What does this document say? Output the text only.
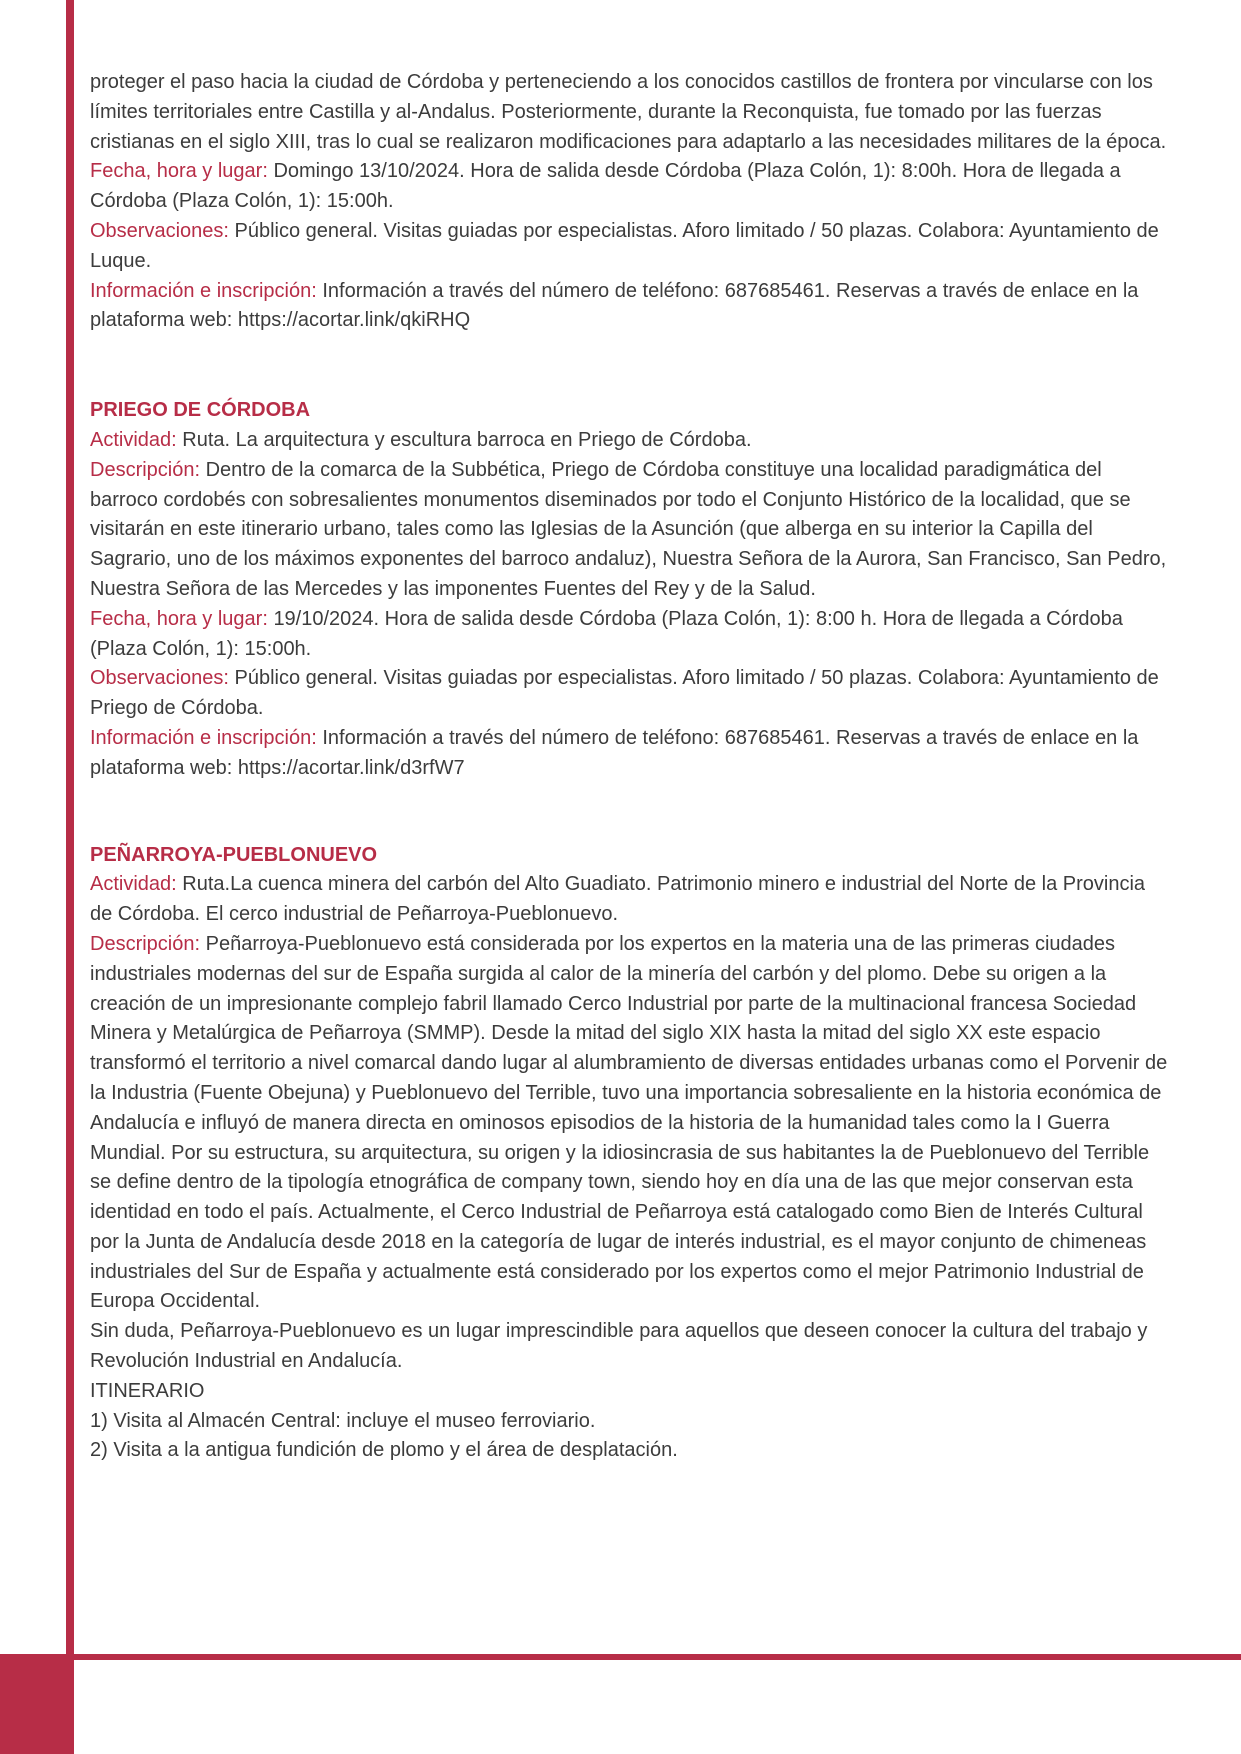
proteger el paso hacia la ciudad de Córdoba y perteneciendo a los conocidos castillos de frontera por vincularse con los límites territoriales entre Castilla y al-Andalus. Posteriormente, durante la Reconquista, fue tomado por las fuerzas cristianas en el siglo XIII, tras lo cual se realizaron modificaciones para adaptarlo a las necesidades militares de la época.

Fecha, hora y lugar: Domingo 13/10/2024. Hora de salida desde Córdoba (Plaza Colón, 1): 8:00h. Hora de llegada a Córdoba (Plaza Colón, 1): 15:00h.

Observaciones: Público general. Visitas guiadas por especialistas. Aforo limitado / 50 plazas. Colabora: Ayuntamiento de Luque.

Información e inscripción: Información a través del número de teléfono: 687685461. Reservas a través de enlace en la plataforma web: https://acortar.link/qkiRHQ

PRIEGO DE CÓRDOBA

Actividad: Ruta. La arquitectura y escultura barroca en Priego de Córdoba.

Descripción: Dentro de la comarca de la Subbética, Priego de Córdoba constituye una localidad paradigmática del barroco cordobés con sobresalientes monumentos diseminados por todo el Conjunto Histórico de la localidad, que se visitarán en este itinerario urbano, tales como las Iglesias de la Asunción (que alberga en su interior la Capilla del Sagrario, uno de los máximos exponentes del barroco andaluz), Nuestra Señora de la Aurora, San Francisco, San Pedro, Nuestra Señora de las Mercedes y las imponentes Fuentes del Rey y de la Salud.

Fecha, hora y lugar: 19/10/2024. Hora de salida desde Córdoba (Plaza Colón, 1): 8:00 h. Hora de llegada a Córdoba (Plaza Colón, 1): 15:00h.

Observaciones: Público general. Visitas guiadas por especialistas. Aforo limitado / 50 plazas. Colabora: Ayuntamiento de Priego de Córdoba.

Información e inscripción: Información a través del número de teléfono: 687685461. Reservas a través de enlace en la plataforma web: https://acortar.link/d3rfW7

PEÑARROYA-PUEBLONUEVO

Actividad: Ruta.La cuenca minera del carbón del Alto Guadiato. Patrimonio minero e industrial del Norte de la Provincia de Córdoba. El cerco industrial de Peñarroya-Pueblonuevo.

Descripción: Peñarroya-Pueblonuevo está considerada por los expertos en la materia una de las primeras ciudades industriales modernas del sur de España surgida al calor de la minería del carbón y del plomo. Debe su origen a la creación de un impresionante complejo fabril llamado Cerco Industrial por parte de la multinacional francesa Sociedad Minera y Metalúrgica de Peñarroya (SMMP). Desde la mitad del siglo XIX hasta la mitad del siglo XX este espacio transformó el territorio a nivel comarcal dando lugar al alumbramiento de diversas entidades urbanas como el Porvenir de la Industria (Fuente Obejuna) y Pueblonuevo del Terrible, tuvo una importancia sobresaliente en la historia económica de Andalucía e influyó de manera directa en ominosos episodios de la historia de la humanidad tales como la I Guerra Mundial. Por su estructura, su arquitectura, su origen y la idiosincrasia de sus habitantes la de Pueblonuevo del Terrible se define dentro de la tipología etnográfica de company town, siendo hoy en día una de las que mejor conservan esta identidad en todo el país. Actualmente, el Cerco Industrial de Peñarroya está catalogado como Bien de Interés Cultural por la Junta de Andalucía desde 2018 en la categoría de lugar de interés industrial, es el mayor conjunto de chimeneas industriales del Sur de España y actualmente está considerado por los expertos como el mejor Patrimonio Industrial de Europa Occidental.

Sin duda, Peñarroya-Pueblonuevo es un lugar imprescindible para aquellos que deseen conocer la cultura del trabajo y Revolución Industrial en Andalucía.

ITINERARIO

1) Visita al Almacén Central: incluye el museo ferroviario.

2) Visita a la antigua fundición de plomo y el área de desplatación.
